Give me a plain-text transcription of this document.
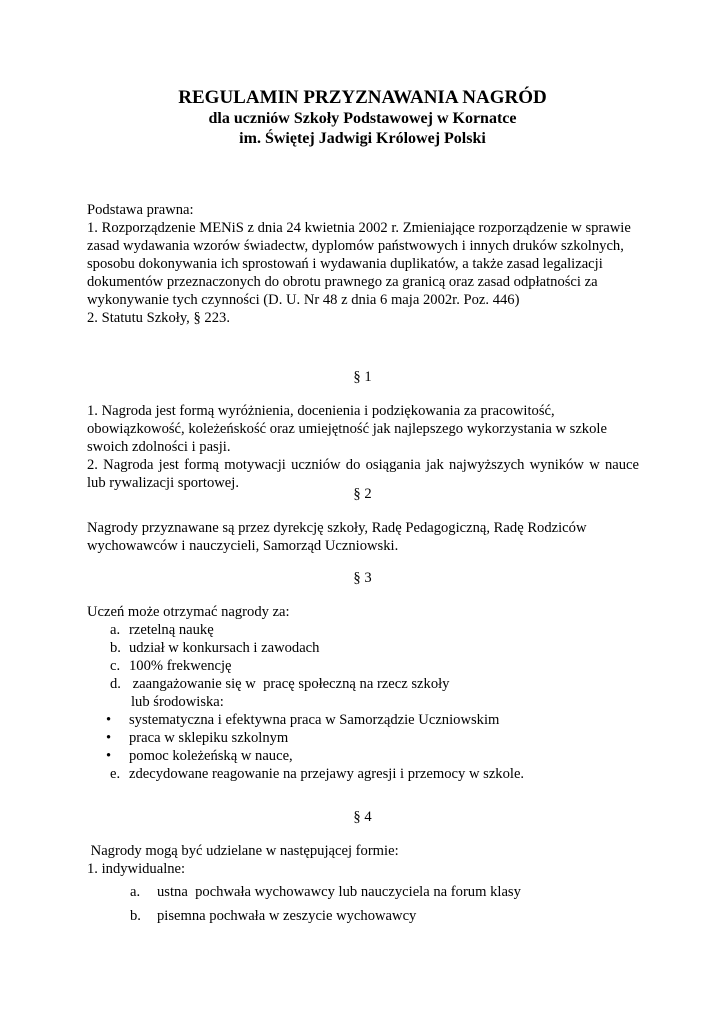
REGULAMIN PRZYZNAWANIA NAGRÓD
dla uczniów Szkoły Podstawowej w Kornatce
im. Świętej Jadwigi Królowej Polski

Podstawa prawna:

1. Rozporządzenie MENiS z dnia 24 kwietnia 2002 r. Zmieniające rozporządzenie w sprawie

zasad wydawania wzorów świadectw, dyplomów państwowych i innych druków szkolnych,

sposobu dokonywania ich sprostowań i wydawania duplikatów, a także zasad legalizacji

dokumentów przeznaczonych do obrotu prawnego za granicą oraz zasad odpłatności za

wykonywanie tych czynności (D. U. Nr 48 z dnia 6 maja 2002r. Poz. 446)

2. Statutu Szkoły, § 223.

§ 1

1. Nagroda jest formą wyróżnienia, docenienia i podziękowania za pracowitość,

obowiązkowość, koleżeńskość oraz umiejętność jak najlepszego wykorzystania w szkole

swoich zdolności i pasji.

2. Nagroda jest formą motywacji uczniów do osiągania jak najwyższych wyników w nauce

lub rywalizacji sportowej.

§ 2

Nagrody przyznawane są przez dyrekcję szkoły, Radę Pedagogiczną, Radę Rodziców

wychowawców i nauczycieli, Samorząd Uczniowski.

§ 3
Uczeń może otrzymać nagrody za:
a. rzetelną naukę
b. udział w konkursach i zawodach
c. 100% frekwencję
d. zaangażowanie się w  pracę społeczną na rzecz szkoły
lub środowiska:
• systematyczna i efektywna praca w Samorządzie Uczniowskim
• praca w sklepiku szkolnym
• pomoc koleżeńską w nauce,
e. zdecydowane reagowanie na przejawy agresji i przemocy w szkole.
§ 4
Nagrody mogą być udzielane w następującej formie:
1. indywidualne:
a. ustna  pochwała wychowawcy lub nauczyciela na forum klasy
b. pisemna pochwała w zeszycie wychowawcy
